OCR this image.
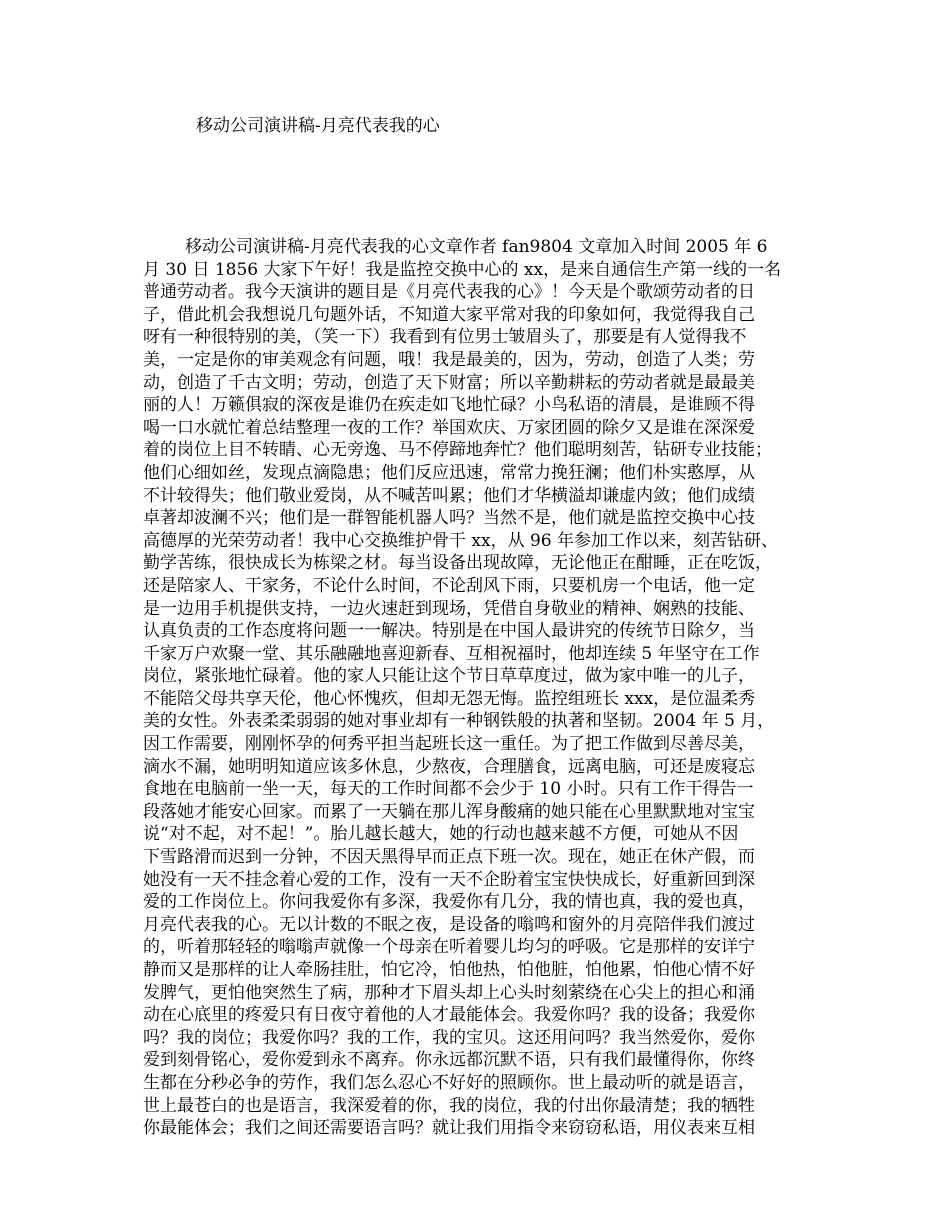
移动公司演讲稿-月亮代表我的心
移动公司演讲稿-月亮代表我的心文章作者 fan9804 文章加入时间 2005 年 6
月 30 日 1856 大家下午好！我是监控交换中心的 xx，是来自通信生产第一线的一名
普通劳动者。我今天演讲的题目是《月亮代表我的心》！今天是个歌颂劳动者的日
子，借此机会我想说几句题外话，不知道大家平常对我的印象如何，我觉得我自己
呀有一种很特别的美，（笑一下）我看到有位男士皱眉头了，那要是有人觉得我不
美，一定是你的审美观念有问题，哦！我是最美的，因为，劳动，创造了人类；劳
动，创造了千古文明；劳动，创造了天下财富；所以辛勤耕耘的劳动者就是最最美
丽的人！万籁俱寂的深夜是谁仍在疾走如飞地忙碌？小鸟私语的清晨，是谁顾不得
喝一口水就忙着总结整理一夜的工作？举国欢庆、万家团圆的除夕又是谁在深深爱
着的岗位上目不转睛、心无旁逸、马不停蹄地奔忙？他们聪明刻苦，钻研专业技能；
他们心细如丝，发现点滴隐患；他们反应迅速，常常力挽狂澜；他们朴实憨厚，从
不计较得失；他们敬业爱岗，从不喊苦叫累；他们才华横溢却谦虚内敛；他们成绩
卓著却波澜不兴；他们是一群智能机器人吗？当然不是，他们就是监控交换中心技
高德厚的光荣劳动者！我中心交换维护骨干 xx，从 96 年参加工作以来，刻苦钻研、
勤学苦练，很快成长为栋梁之材。每当设备出现故障，无论他正在酣睡，正在吃饭，
还是陪家人、干家务，不论什么时间，不论刮风下雨，只要机房一个电话，他一定
是一边用手机提供支持，一边火速赶到现场，凭借自身敬业的精神、娴熟的技能、
认真负责的工作态度将问题一一解决。特别是在中国人最讲究的传统节日除夕，当
千家万户欢聚一堂、其乐融融地喜迎新春、互相祝福时，他却连续 5 年坚守在工作
岗位，紧张地忙碌着。他的家人只能让这个节日草草度过，做为家中唯一的儿子，
不能陪父母共享天伦，他心怀愧疚，但却无怨无悔。监控组班长 xxx，是位温柔秀
美的女性。外表柔柔弱弱的她对事业却有一种钢铁般的执著和坚韧。2004 年 5 月，
因工作需要，刚刚怀孕的何秀平担当起班长这一重任。为了把工作做到尽善尽美，
滴水不漏，她明明知道应该多休息，少熬夜，合理膳食，远离电脑，可还是废寝忘
食地在电脑前一坐一天，每天的工作时间都不会少于 10 小时。只有工作干得告一
段落她才能安心回家。而累了一天躺在那儿浑身酸痛的她只能在心里默默地对宝宝
说“对不起，对不起！”。胎儿越长越大，她的行动也越来越不方便，可她从不因
下雪路滑而迟到一分钟，不因天黑得早而正点下班一次。现在，她正在休产假，而
她没有一天不挂念着心爱的工作，没有一天不企盼着宝宝快快成长，好重新回到深
爱的工作岗位上。你问我爱你有多深，我爱你有几分，我的情也真，我的爱也真，
月亮代表我的心。无以计数的不眠之夜，是设备的嗡鸣和窗外的月亮陪伴我们渡过
的，听着那轻轻的嗡嗡声就像一个母亲在听着婴儿均匀的呼吸。它是那样的安详宁
静而又是那样的让人牵肠挂肚，怕它冷，怕他热，怕他脏，怕他累，怕他心情不好
发脾气，更怕他突然生了病，那种才下眉头却上心头时刻萦绕在心尖上的担心和涌
动在心底里的疼爱只有日夜守着他的人才最能体会。我爱你吗？我的设备；我爱你
吗？我的岗位；我爱你吗？我的工作，我的宝贝。这还用问吗？我当然爱你，爱你
爱到刻骨铭心，爱你爱到永不离弃。你永远都沉默不语，只有我们最懂得你，你终
生都在分秒必争的劳作，我们怎么忍心不好好的照顾你。世上最动听的就是语言，
世上最苍白的也是语言，我深爱着的你，我的岗位，我的付出你最清楚；我的牺牲
你最能体会；我们之间还需要语言吗？就让我们用指令来窃窃私语，用仪表来互相
